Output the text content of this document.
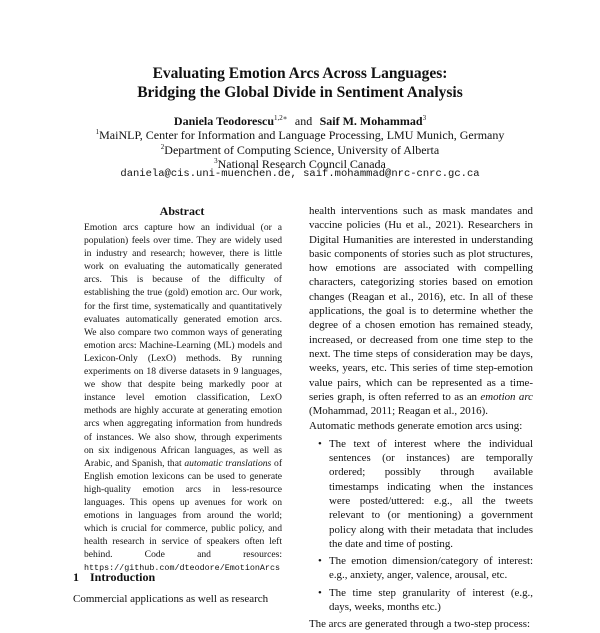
Evaluating Emotion Arcs Across Languages:
Bridging the Global Divide in Sentiment Analysis
Daniela Teodorescu$^{1,2∗}$ and Saif M. Mohammad$^3$
$^1$MaiNLP, Center for Information and Language Processing, LMU Munich, Germany
$^2$Department of Computing Science, University of Alberta
$^3$National Research Council Canada
daniela@cis.uni-muenchen.de, saif.mohammad@nrc-cnrc.gc.ca
Abstract
Emotion arcs capture how an individual (or a population) feels over time. They are widely used in industry and research; however, there is little work on evaluating the automatically generated arcs. This is because of the difficulty of establishing the true (gold) emotion arc. Our work, for the first time, systematically and quantitatively evaluates automatically generated emotion arcs. We also compare two common ways of generating emotion arcs: Machine-Learning (ML) models and Lexicon-Only (LexO) methods. By running experiments on 18 diverse datasets in 9 languages, we show that despite being markedly poor at instance level emotion classification, LexO methods are highly accurate at generating emotion arcs when aggregating information from hundreds of instances. We also show, through experiments on six indigenous African languages, as well as Arabic, and Spanish, that automatic translations of English emotion lexicons can be used to generate high-quality emotion arcs in less-resource languages. This opens up avenues for work on emotions in languages from around the world; which is crucial for commerce, public policy, and health research in service of speakers often left behind. Code and resources: https://github.com/dteodore/EmotionArcs
1 Introduction
Commercial applications as well as research

health interventions such as mask mandates and vaccine policies (Hu et al., 2021). Researchers in Digital Humanities are interested in understanding basic components of stories such as plot structures, how emotions are associated with compelling characters, categorizing stories based on emotion changes (Reagan et al., 2016), etc. In all of these applications, the goal is to determine whether the degree of a chosen emotion has remained steady, increased, or decreased from one time step to the next. The time steps of consideration may be days, weeks, years, etc. This series of time step-emotion value pairs, which can be represented as a time-series graph, is often referred to as an emotion arc (Mohammad, 2011; Reagan et al., 2016).

Automatic methods generate emotion arcs using:

• The text of interest where the individual sentences (or instances) are temporally ordered; possibly through available timestamps indicating when the instances were posted/uttered: e.g., all the tweets relevant to (or mentioning) a government policy along with their metadata that includes the date and time of posting.
• The emotion dimension/category of interest: e.g., anxiety, anger, valence, arousal, etc.
• The time step granularity of interest (e.g., days, weeks, months etc.)

The arcs are generated through a two-step process:
